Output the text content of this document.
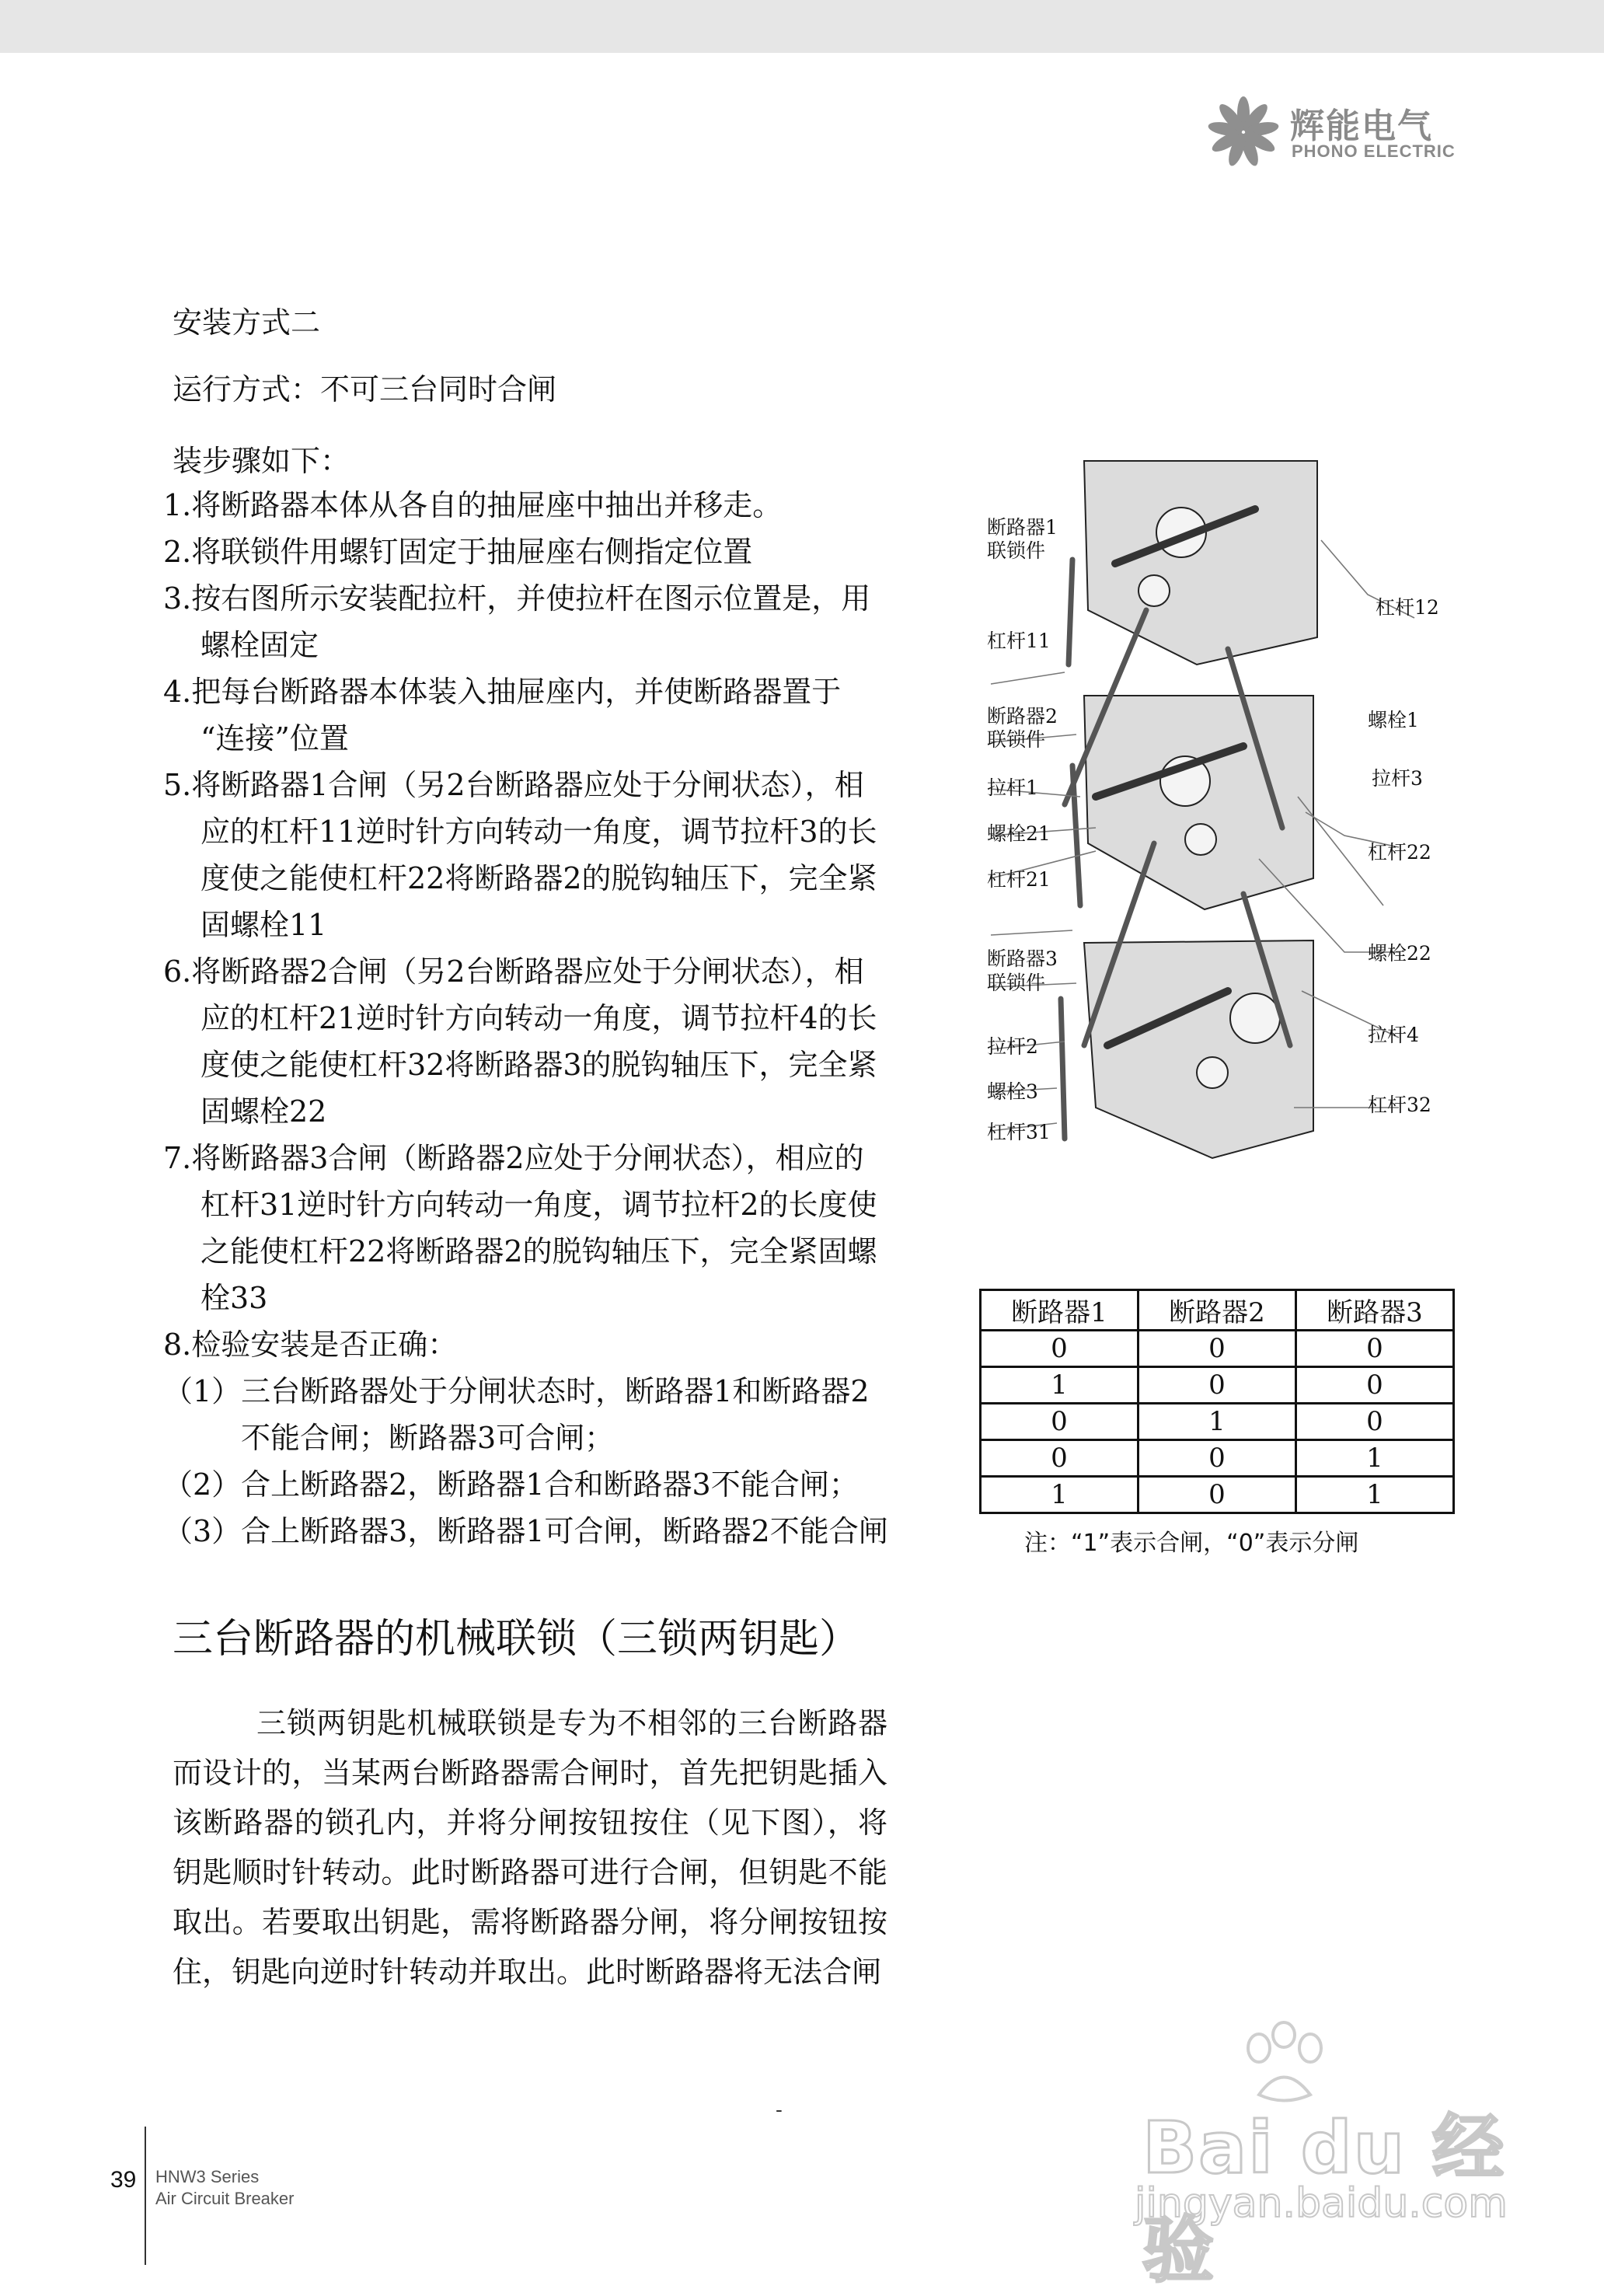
辉能电气
PHONO ELECTRIC
安装方式二
运行方式：不可三台同时合闸
装步骤如下：
1.将断路器本体从各自的抽屉座中抽出并移走。
2.将联锁件用螺钉固定于抽屉座右侧指定位置
3.按右图所示安装配拉杆，并使拉杆在图示位置是，用
螺栓固定
4.把每台断路器本体装入抽屉座内，并使断路器置于
“连接”位置
5.将断路器1合闸（另2台断路器应处于分闸状态），相
应的杠杆11逆时针方向转动一角度，调节拉杆3的长
度使之能使杠杆22将断路器2的脱钩轴压下，完全紧
固螺栓11
6.将断路器2合闸（另2台断路器应处于分闸状态），相
应的杠杆21逆时针方向转动一角度，调节拉杆4的长
度使之能使杠杆32将断路器3的脱钩轴压下，完全紧
固螺栓22
7.将断路器3合闸（断路器2应处于分闸状态），相应的
杠杆31逆时针方向转动一角度，调节拉杆2的长度使
之能使杠杆22将断路器2的脱钩轴压下，完全紧固螺
栓33
8.检验安装是否正确：
（1）三台断路器处于分闸状态时，断路器1和断路器2
不能合闸；断路器3可合闸；
（2）合上断路器2，断路器1合和断路器3不能合闸；
（3）合上断路器3，断路器1可合闸，断路器2不能合闸
断路器1
联锁件
杠杆11
杠杆12
断路器2
联锁件
螺栓1
拉杆3
拉杆1
螺栓21
杠杆21
杠杆22
螺栓22
断路器3
联锁件
拉杆4
拉杆2
螺栓3
杠杆31
杠杆32
断路器1	断路器2	断路器3
0	0	0
1	0	0
0	1	0
0	0	1
1	0	1
注：“1”表示合闸，“0”表示分闸
三台断路器的机械联锁（三锁两钥匙）
三锁两钥匙机械联锁是专为不相邻的三台断路器而设计的，当某两台断路器需合闸时，首先把钥匙插入该断路器的锁孔内，并将分闸按钮按住（见下图），将钥匙顺时针转动。此时断路器可进行合闸，但钥匙不能取出。若要取出钥匙，需将断路器分闸，将分闸按钮按住，钥匙向逆时针转动并取出。此时断路器将无法合闸
-
39 HNW3 Series
Air Circuit Breaker
Bai du 经验
jingyan.baidu.com
